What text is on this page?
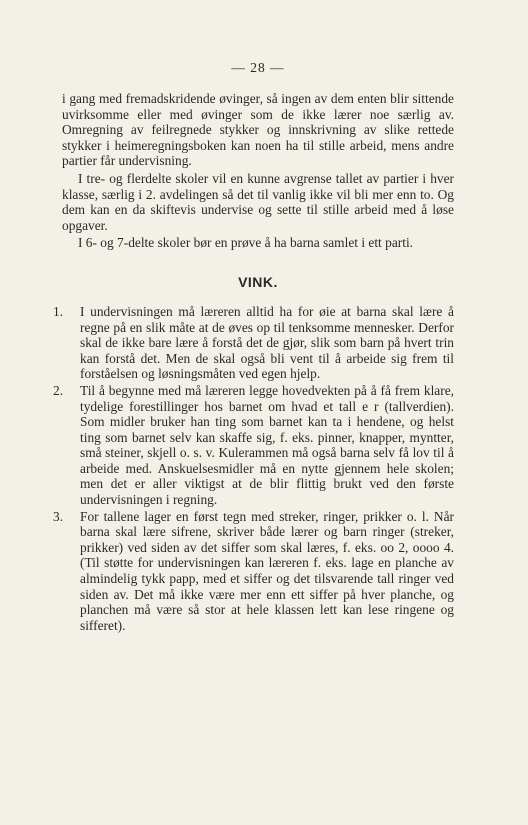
— 28 —

i gang med fremadskridende øvinger, så ingen av dem enten blir sittende uvirksomme eller med øvinger som de ikke lærer noe særlig av. Omregning av feilregnede stykker og innskrivning av slike rettede stykker i heimeregningsboken kan noen ha til stille arbeid, mens andre partier får undervisning.

I tre- og flerdelte skoler vil en kunne avgrense tallet av partier i hver klasse, særlig i 2. avdelingen så det til vanlig ikke vil bli mer enn to. Og dem kan en da skiftevis undervise og sette til stille arbeid med å løse opgaver.

I 6- og 7-delte skoler bør en prøve å ha barna samlet i ett parti.

VINK.
1. I undervisningen må læreren alltid ha for øie at barna skal lære å regne på en slik måte at de øves op til tenksomme mennesker. Derfor skal de ikke bare lære å forstå det de gjør, slik som barn på hvert trin kan forstå det. Men de skal også bli vent til å arbeide sig frem til forståelsen og løsningsmåten ved egen hjelp.

2. Til å begynne med må læreren legge hovedvekten på å få frem klare, tydelige forestillinger hos barnet om hvad et tall e r (tallverdien). Som midler bruker han ting som barnet kan ta i hendene, og helst ting som barnet selv kan skaffe sig, f. eks. pinner, knapper, myntter, små steiner, skjell o. s. v. Kulerammen må også barna selv få lov til å arbeide med. Anskuelsesmidler må en nytte gjennem hele skolen; men det er aller viktigst at de blir flittig brukt ved den første undervisningen i regning.

3. For tallene lager en først tegn med streker, ringer, prikker o. l. Når barna skal lære sifrene, skriver både lærer og barn ringer (streker, prikker) ved siden av det siffer som skal læres, f. eks. oo 2, oooo 4. (Til støtte for undervisningen kan læreren f. eks. lage en planche av almindelig tykk papp, med et siffer og det tilsvarende tall ringer ved siden av. Det må ikke være mer enn ett siffer på hver planche, og planchen må være så stor at hele klassen lett kan lese ringene og sifferet).
